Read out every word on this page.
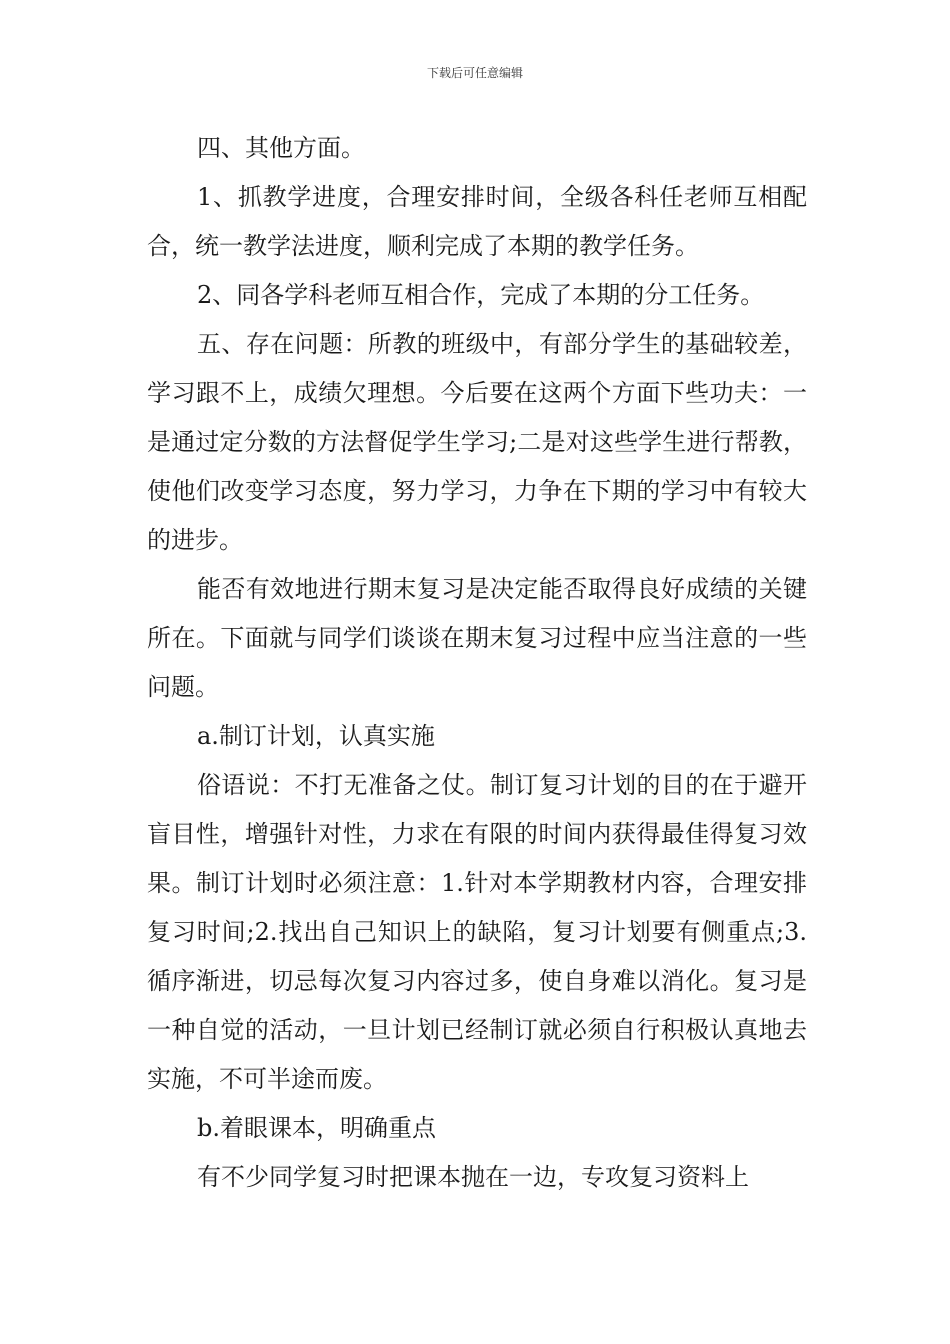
下载后可任意编辑

四、其他方面。

1、抓教学进度，合理安排时间，全级各科任老师互相配合，统一教学法进度，顺利完成了本期的教学任务。

2、同各学科老师互相合作，完成了本期的分工任务。

五、存在问题：所教的班级中，有部分学生的基础较差，学习跟不上，成绩欠理想。今后要在这两个方面下些功夫：一是通过定分数的方法督促学生学习;二是对这些学生进行帮教，使他们改变学习态度，努力学习，力争在下期的学习中有较大的进步。

能否有效地进行期末复习是决定能否取得良好成绩的关键所在。下面就与同学们谈谈在期末复习过程中应当注意的一些问题。

a.制订计划，认真实施

俗语说：不打无准备之仗。制订复习计划的目的在于避开盲目性，增强针对性，力求在有限的时间内获得最佳得复习效果。制订计划时必须注意：1.针对本学期教材内容，合理安排复习时间;2.找出自己知识上的缺陷，复习计划要有侧重点;3.循序渐进，切忌每次复习内容过多，使自身难以消化。复习是一种自觉的活动，一旦计划已经制订就必须自行积极认真地去实施，不可半途而废。

b.着眼课本，明确重点

有不少同学复习时把课本抛在一边，专攻复习资料上
